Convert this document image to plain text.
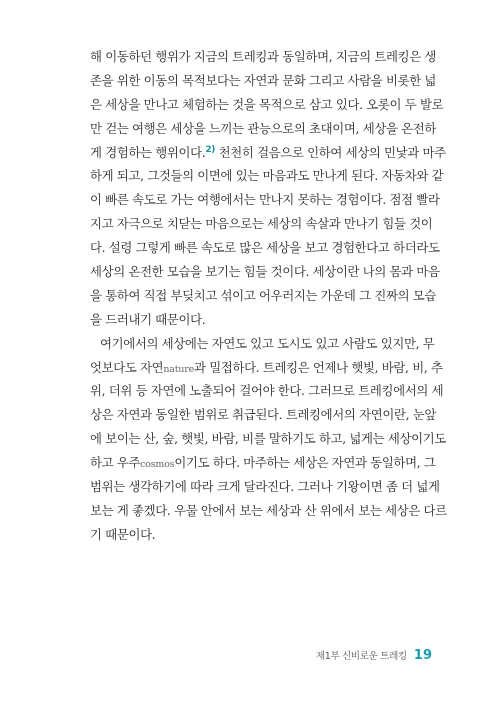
해 이동하던 행위가 지금의 트레킹과 동일하며, 지금의 트레킹은 생
존을 위한 이동의 목적보다는 자연과 문화 그리고 사람을 비롯한 넓
은 세상을 만나고 체험하는 것을 목적으로 삼고 있다. 오롯이 두 발로
만 걷는 여행은 세상을 느끼는 관능으로의 초대이며, 세상을 온전하
게 경험하는 행위이다.$^{2)}$ 천천히 걸음으로 인하여 세상의 민낯과 마주
하게 되고, 그것들의 이면에 있는 마음과도 만나게 된다. 자동차와 같
이 빠른 속도로 가는 여행에서는 만나지 못하는 경험이다. 점점 빨라
지고 자극으로 치닫는 마음으로는 세상의 속살과 만나기 힘들 것이
다. 설령 그렇게 빠른 속도로 많은 세상을 보고 경험한다고 하더라도
세상의 온전한 모습을 보기는 힘들 것이다. 세상이란 나의 몸과 마음
을 통하여 직접 부딪치고 섞이고 어우러지는 가운데 그 진짜의 모습
을 드러내기 때문이다.
여기에서의 세상에는 자연도 있고 도시도 있고 사람도 있지만, 무
엇보다도 자연nature과 밀접하다. 트레킹은 언제나 햇빛, 바람, 비, 추
위, 더위 등 자연에 노출되어 걸어야 한다. 그러므로 트레킹에서의 세
상은 자연과 동일한 범위로 취급된다. 트레킹에서의 자연이란, 눈앞
에 보이는 산, 숲, 햇빛, 바람, 비를 말하기도 하고, 넓게는 세상이기도
하고 우주cosmos이기도 하다. 마주하는 세상은 자연과 동일하며, 그
범위는 생각하기에 따라 크게 달라진다. 그러나 기왕이면 좀 더 넓게
보는 게 좋겠다. 우물 안에서 보는 세상과 산 위에서 보는 세상은 다르
기 때문이다.
제1부 신비로운 트레킹 19
